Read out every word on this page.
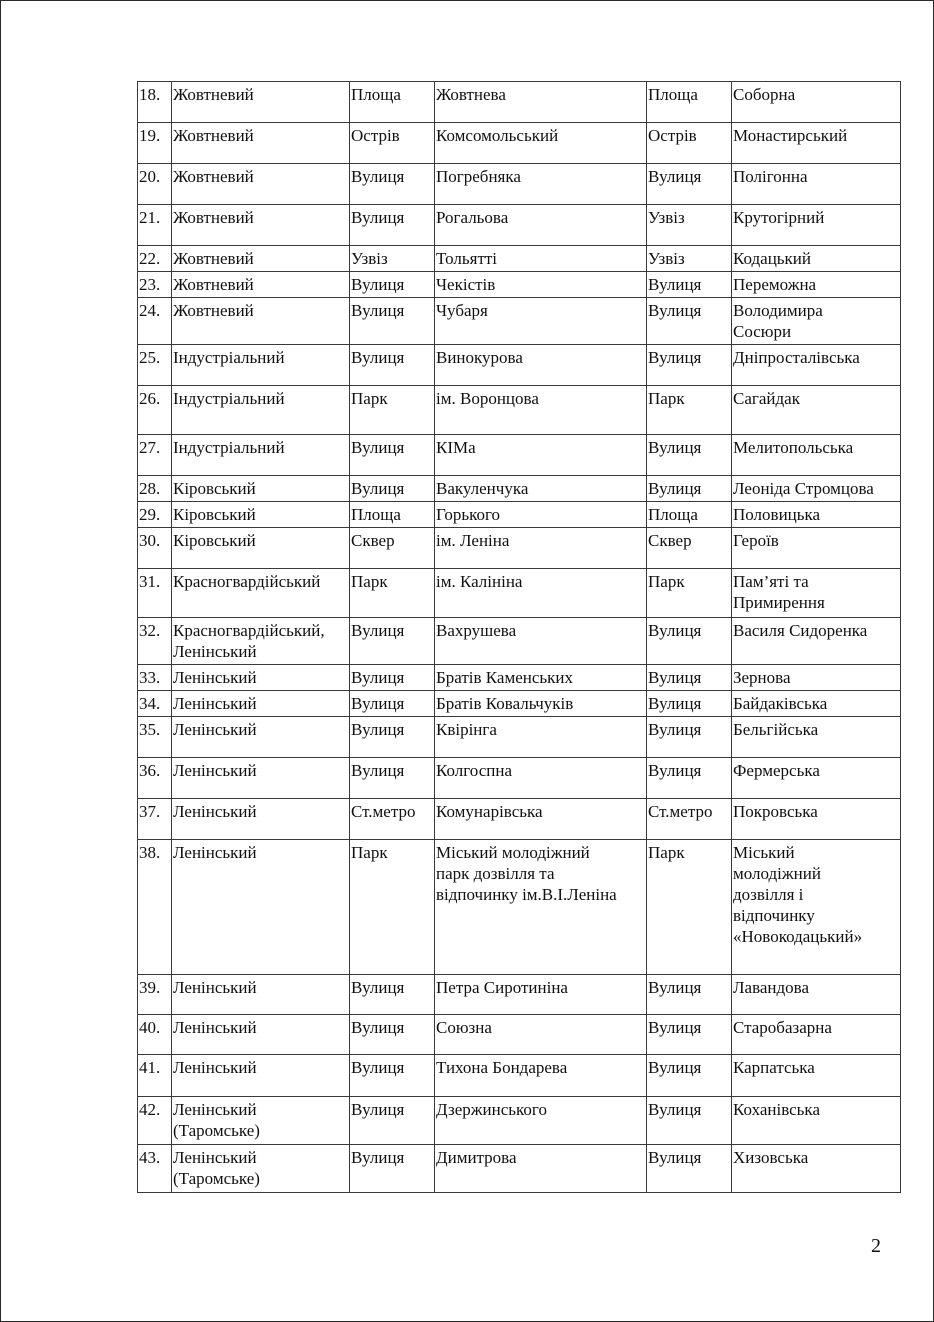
18.	Жовтневий	Площа	Жовтнева	Площа	Соборна
19.	Жовтневий	Острів	Комсомольський	Острів	Монастирський
20.	Жовтневий	Вулиця	Погребняка	Вулиця	Полігонна
21.	Жовтневий	Вулиця	Рогальова	Узвіз	Крутогірний
22.	Жовтневий	Узвіз	Тольятті	Узвіз	Кодацький
23.	Жовтневий	Вулиця	Чекістів	Вулиця	Переможна
24.	Жовтневий	Вулиця	Чубаря	Вулиця	Володимира
Сосюри
25.	Індустріальний	Вулиця	Винокурова	Вулиця	Дніпросталівська
26.	Індустріальний	Парк	ім. Воронцова	Парк	Сагайдак
27.	Індустріальний	Вулиця	КІМа	Вулиця	Мелитопольська
28.	Кіровський	Вулиця	Вакуленчука	Вулиця	Леоніда Стромцова
29.	Кіровський	Площа	Горького	Площа	Половицька
30.	Кіровський	Сквер	ім. Леніна	Сквер	Героїв
31.	Красногвардійський	Парк	ім. Калініна	Парк	Пам’яті та
Примирення
32.	Красногвардійський,
Ленінський	Вулиця	Вахрушева	Вулиця	Василя Сидоренка
33.	Ленінський	Вулиця	Братів Каменських	Вулиця	Зернова
34.	Ленінський	Вулиця	Братів Ковальчуків	Вулиця	Байдаківська
35.	Ленінський	Вулиця	Квірінга	Вулиця	Бельгійська
36.	Ленінський	Вулиця	Колгоспна	Вулиця	Фермерська
37.	Ленінський	Ст.метро	Комунарівська	Ст.метро	Покровська
38.	Ленінський	Парк	Міський молодіжний
парк дозвілля та
відпочинку ім.В.І.Леніна	Парк	Міський
молодіжний
дозвілля і
відпочинку
«Новокодацький»
39.	Ленінський	Вулиця	Петра Сиротиніна	Вулиця	Лавандова
40.	Ленінський	Вулиця	Союзна	Вулиця	Старобазарна
41.	Ленінський	Вулиця	Тихона Бондарева	Вулиця	Карпатська
42.	Ленінський
(Таромське)	Вулиця	Дзержинського	Вулиця	Коханівська
43.	Ленінський
(Таромське)	Вулиця	Димитрова	Вулиця	Хизовська
2
